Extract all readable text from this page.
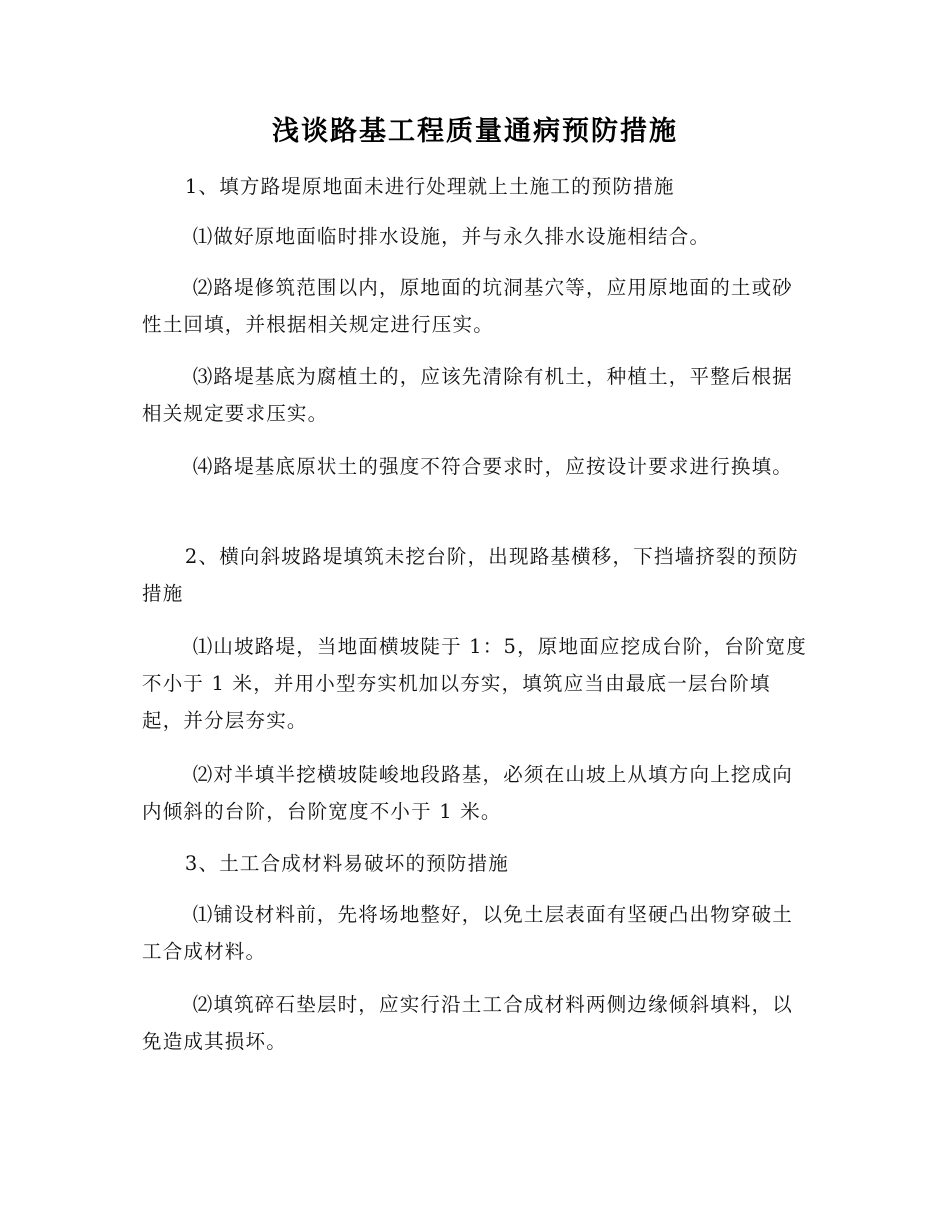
浅谈路基工程质量通病预防措施

1、填方路堤原地面未进行处理就上土施工的预防措施

⑴做好原地面临时排水设施，并与永久排水设施相结合。

⑵路堤修筑范围以内，原地面的坑洞基穴等，应用原地面的土或砂性土回填，并根据相关规定进行压实。

⑶路堤基底为腐植土的，应该先清除有机土，种植土，平整后根据相关规定要求压实。

⑷路堤基底原状土的强度不符合要求时，应按设计要求进行换填。

2、横向斜坡路堤填筑未挖台阶，出现路基横移，下挡墙挤裂的预防措施

⑴山坡路堤，当地面横坡陡于 1：5，原地面应挖成台阶，台阶宽度不小于 1 米，并用小型夯实机加以夯实，填筑应当由最底一层台阶填起，并分层夯实。

⑵对半填半挖横坡陡峻地段路基，必须在山坡上从填方向上挖成向内倾斜的台阶，台阶宽度不小于 1 米。

3、土工合成材料易破坏的预防措施

⑴铺设材料前，先将场地整好，以免土层表面有坚硬凸出物穿破土工合成材料。

⑵填筑碎石垫层时，应实行沿土工合成材料两侧边缘倾斜填料，以免造成其损坏。
